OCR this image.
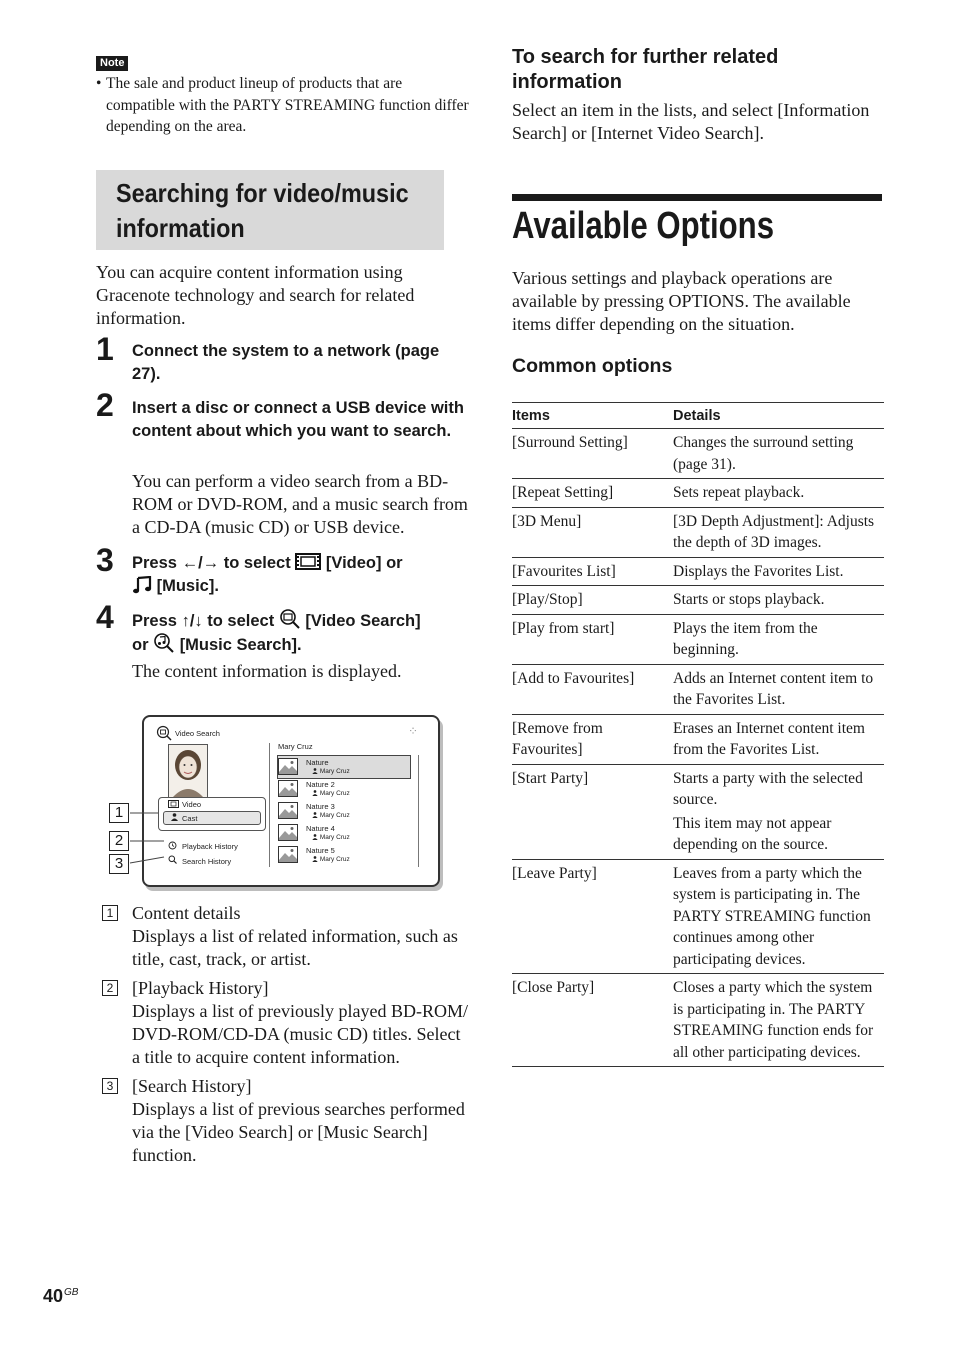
Note
• The sale and product lineup of products that are compatible with the PARTY STREAMING function differ depending on the area.
Searching for video/music
information
You can acquire content information using Gracenote technology and search for related information.
1 Connect the system to a network (page 27).
2 Insert a disc or connect a USB device with content about which you want to search.
You can perform a video search from a BD-ROM or DVD-ROM, and a music search from a CD-DA (music CD) or USB device.
3 Press ←/→ to select [Video] or
[Music].
4 Press ↑/↓ to select [Video Search]
or [Music Search].
The content information is displayed.
Video Search	⁘
Video
Cast
Playback History
Search History
Mary Cruz
Nature
Mary Cruz
Nature 2
Mary Cruz
Nature 3
Mary Cruz
Nature 4
Mary Cruz
Nature 5
Mary Cruz
1
2
3
1 Content details
Displays a list of related information, such as title, cast, track, or artist.
2 [Playback History]
Displays a list of previously played BD-ROM/ DVD-ROM/CD-DA (music CD) titles. Select a title to acquire content information.
3 [Search History]
Displays a list of previous searches performed via the [Video Search] or [Music Search] function.
To search for further related information
Select an item in the lists, and select [Information Search] or [Internet Video Search].
Available Options
Various settings and playback operations are available by pressing OPTIONS. The available items differ depending on the situation.
Common options
Items	Details
[Surround Setting]	Changes the surround setting (page 31).

[Repeat Setting]	Sets repeat playback.

[3D Menu]	[3D Depth Adjustment]: Adjusts the depth of 3D images.

[Favourites List]	Displays the Favorites List.

[Play/Stop]	Starts or stops playback.

[Play from start]	Plays the item from the beginning.

[Add to Favourites]	Adds an Internet content item to the Favorites List.

[Remove from Favourites]	Erases an Internet content item from the Favorites List.

[Start Party]	Starts a party with the selected source.

This item may not appear depending on the source.

[Leave Party]	Leaves from a party which the system is participating in. The PARTY STREAMING function continues among other participating devices.

[Close Party]	Closes a party which the system is participating in. The PARTY STREAMING function ends for all other participating devices.

$40^{GB}$
